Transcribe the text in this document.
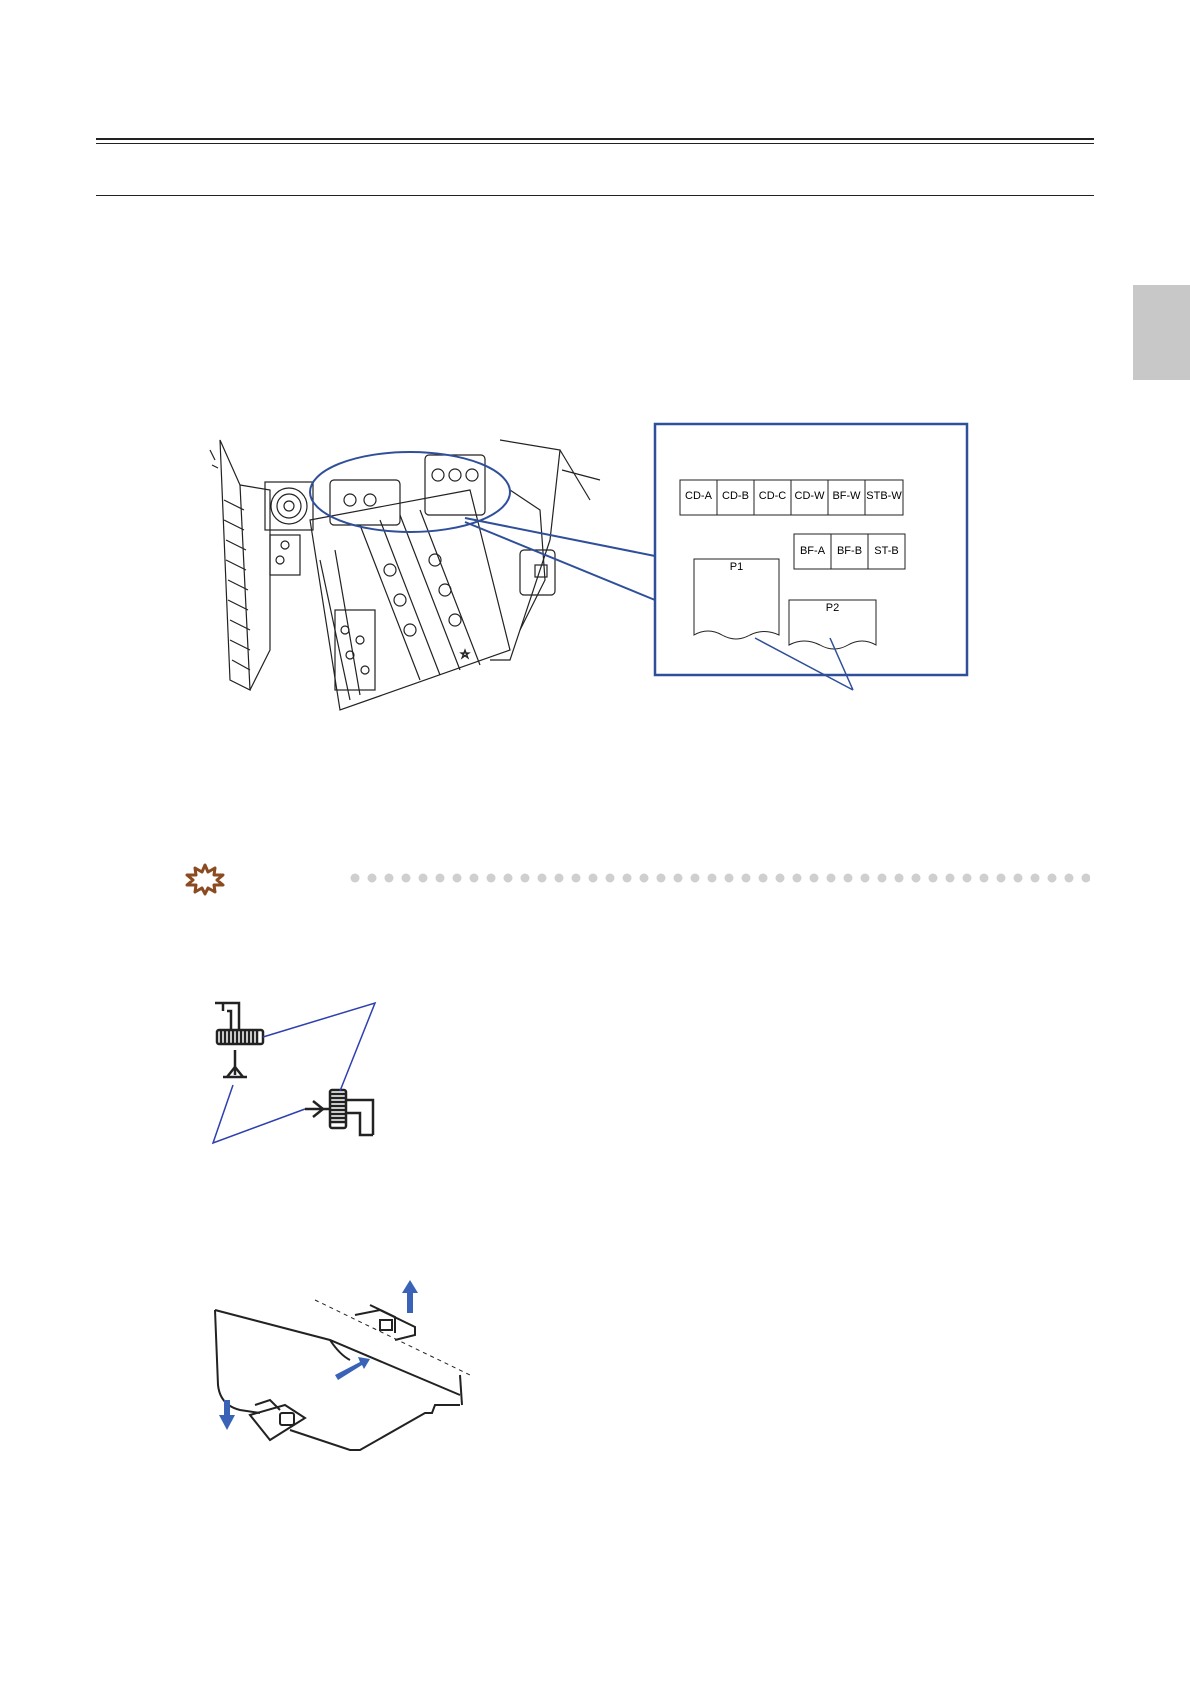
CD-A CD-B CD-C CD-W BF-W STB-W
BF-A	BF-B	ST-B
P1
P2
